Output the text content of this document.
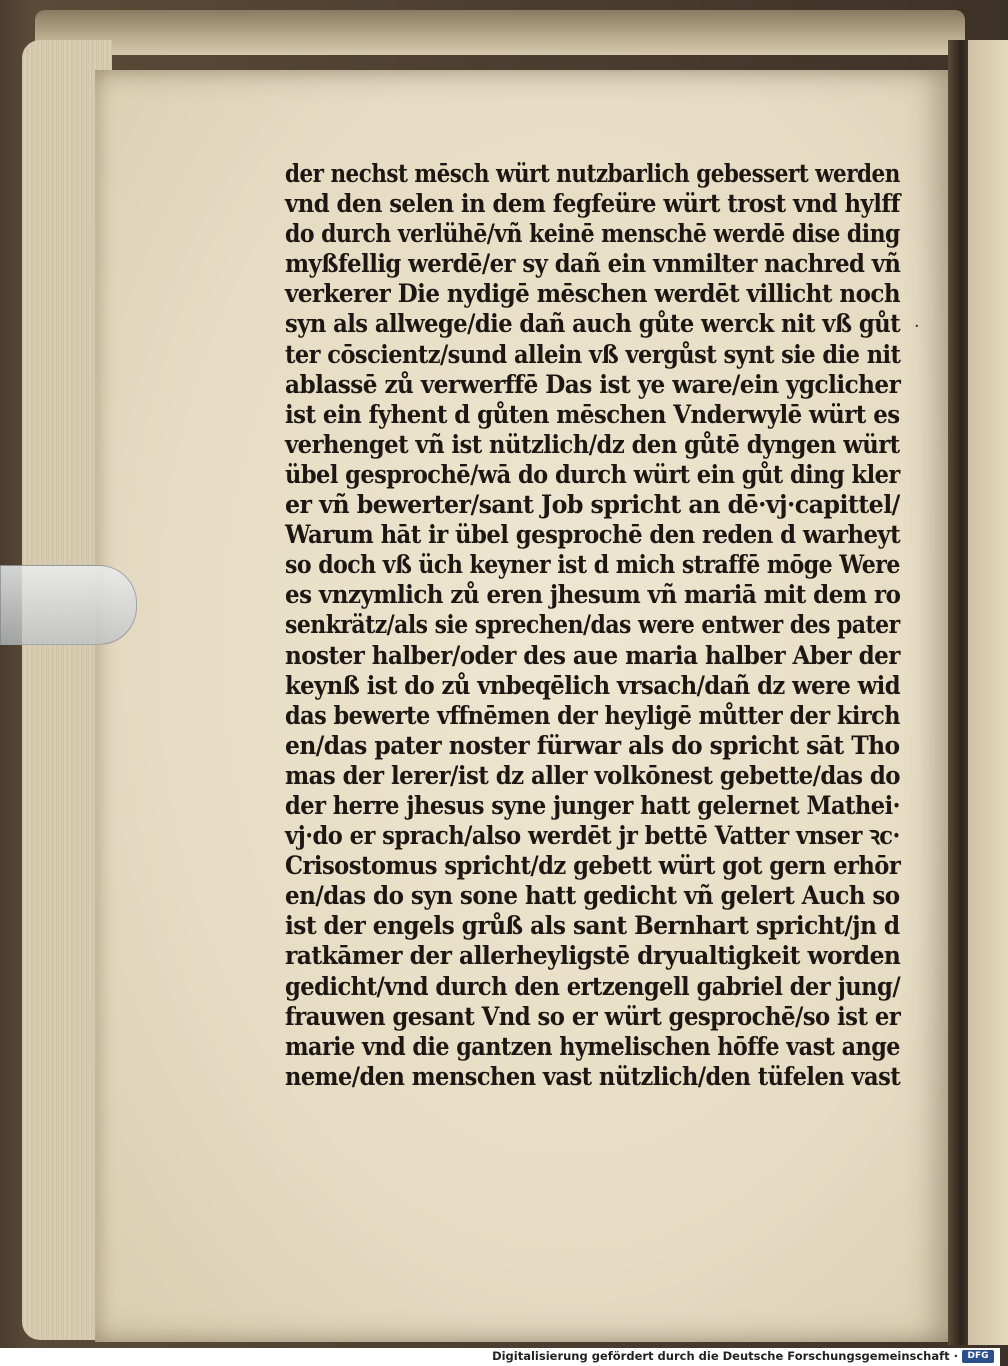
der nechst mēsch würt nutzbarlich gebessert werden
vnd den selen in dem fegfeüre würt trost vnd hylff
do durch verlühē/vñ keinē menschē werdē dise ding
myßfellig werdē/er sy dañ ein vnmilter nachred vñ
verkerer Die nydigē mēschen werdēt villicht noch
syn als allwege/die dañ auch gůte werck nit vß gůt
ter cōscientz/sund allein vß vergůst synt sie die nit
ablassē zů verwerffē Das ist ye ware/ein ygclicher
ist ein fyhent d gůten mēschen Vnderwylē würt es
verhenget vñ ist nützlich/dz den gůtē dyngen würt
übel gesprochē/wā do durch würt ein gůt ding kler
er vñ bewerter/sant Job spricht an dē·vj·capittel/
Warum hāt ir übel gesprochē den reden d warheyt
so doch vß üch keyner ist d mich straffē mōge Were
es vnzymlich zů eren jhesum vñ mariā mit dem ro
senkrätz/als sie sprechen/das were entwer des pater
noster halber/oder des aue maria halber Aber der
keynß ist do zů vnbeqēlich vrsach/dañ dz were wid
das bewerte vffnēmen der heyligē můtter der kirch
en/das pater noster fürwar als do spricht sāt Tho
mas der lerer/ist dz aller volkōnest gebette/das do
der herre jhesus syne junger hatt gelernet Mathei·
vj·do er sprach/also werdēt jr bettē Vatter vnser ꝛc·
Crisostomus spricht/dz gebett würt got gern erhōr
en/das do syn sone hatt gedicht vñ gelert Auch so
ist der engels grůß als sant Bernhart spricht/jn d
ratkāmer der allerheyligstē dryualtigkeit worden
gedicht/vnd durch den ertzengell gabriel der jung/
frauwen gesant Vnd so er würt gesprochē/so ist er
marie vnd die gantzen hymelischen hōffe vast ange
neme/den menschen vast nützlich/den tüfelen vast
·
Digitalisierung gefördert durch die Deutsche Forschungsgemeinschaft ·	DFG
